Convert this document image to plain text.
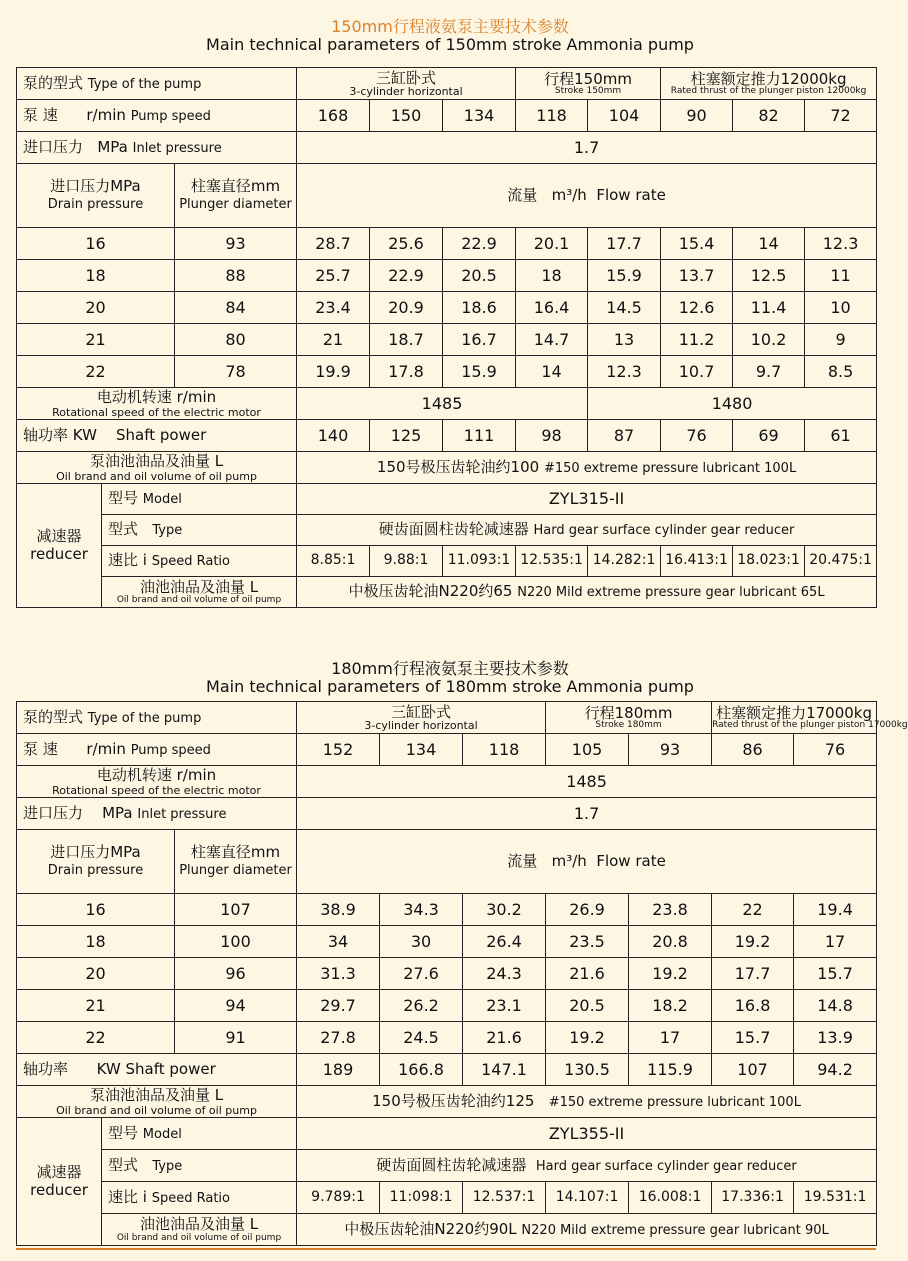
150mm行程液氨泵主要技术参数
Main technical parameters of 150mm stroke Ammonia pump
泵的型式 Type of the pump			三缸卧式
3-cylinder horizontal			行程150mm
Stroke 150mm		柱塞额定推力12000kg
Rated thrust of the plunger piston 12000kg		

泵 速 r/min Pump speed			168	150	134	118	104	90	82	72
进口压力 MPa Inlet pressure			1.7							
进口压力MPa
Drain pressure		柱塞直径mm
Plunger diameter	流量 m³/h Flow rate							
16		93	28.7	25.6	22.9	20.1	17.7	15.4	14	12.3
18		88	25.7	22.9	20.5	18	15.9	13.7	12.5	11
20		84	23.4	20.9	18.6	16.4	14.5	12.6	11.4	10
21		80	21	18.7	16.7	14.7	13	11.2	10.2	9
22		78	19.9	17.8	15.9	14	12.3	10.7	9.7	8.5
电动机转速 r/min
Rotational speed of the electric motor			1485				1480			
轴功率 KW Shaft power			140	125	111	98	87	76	69	61
泵油池油品及油量 L
Oil brand and oil volume of oil pump			150号极压齿轮油约100 #150 extreme pressure lubricant 100L							
减速器
reducer	型号 Model		ZYL315-II							
	型式 Type		硬齿面圆柱齿轮减速器 Hard gear surface cylinder gear reducer							
	速比 i Speed Ratio		8.85:1	9.88:1	11.093:1	12.535:1	14.282:1	16.413:1	18.023:1	20.475:1
	油池油品及油量 L
Oil brand and oil volume of oil pump		中极压齿轮油N220约65 N220 Mild extreme pressure gear lubricant 65L							
180mm行程液氨泵主要技术参数
Main technical parameters of 180mm stroke Ammonia pump
泵的型式 Type of the pump			三缸卧式
3-cylinder horizontal			行程180mm
Stroke 180mm		柱塞额定推力17000kg
Rated thrust of the plunger piston 17000kg	

泵 速 r/min Pump speed			152	134	118	105	93	86	76
电动机转速 r/min
Rotational speed of the electric motor			1485						
进口压力 MPa Inlet pressure			1.7						
进口压力MPa
Drain pressure		柱塞直径mm
Plunger diameter	流量 m³/h Flow rate						
16		107	38.9	34.3	30.2	26.9	23.8	22	19.4
18		100	34	30	26.4	23.5	20.8	19.2	17
20		96	31.3	27.6	24.3	21.6	19.2	17.7	15.7
21		94	29.7	26.2	23.1	20.5	18.2	16.8	14.8
22		91	27.8	24.5	21.6	19.2	17	15.7	13.9
轴功率 KW Shaft power			189	166.8	147.1	130.5	115.9	107	94.2
泵油池油品及油量 L
Oil brand and oil volume of oil pump			150号极压齿轮油约125 #150 extreme pressure lubricant 100L						
减速器
reducer	型号 Model		ZYL355-II						
	型式 Type		硬齿面圆柱齿轮减速器 Hard gear surface cylinder gear reducer						
	速比 i Speed Ratio		9.789:1	11:098:1	12.537:1	14.107:1	16.008:1	17.336:1	19.531:1
	油池油品及油量 L
Oil brand and oil volume of oil pump		中极压齿轮油N220约90L N220 Mild extreme pressure gear lubricant 90L						
